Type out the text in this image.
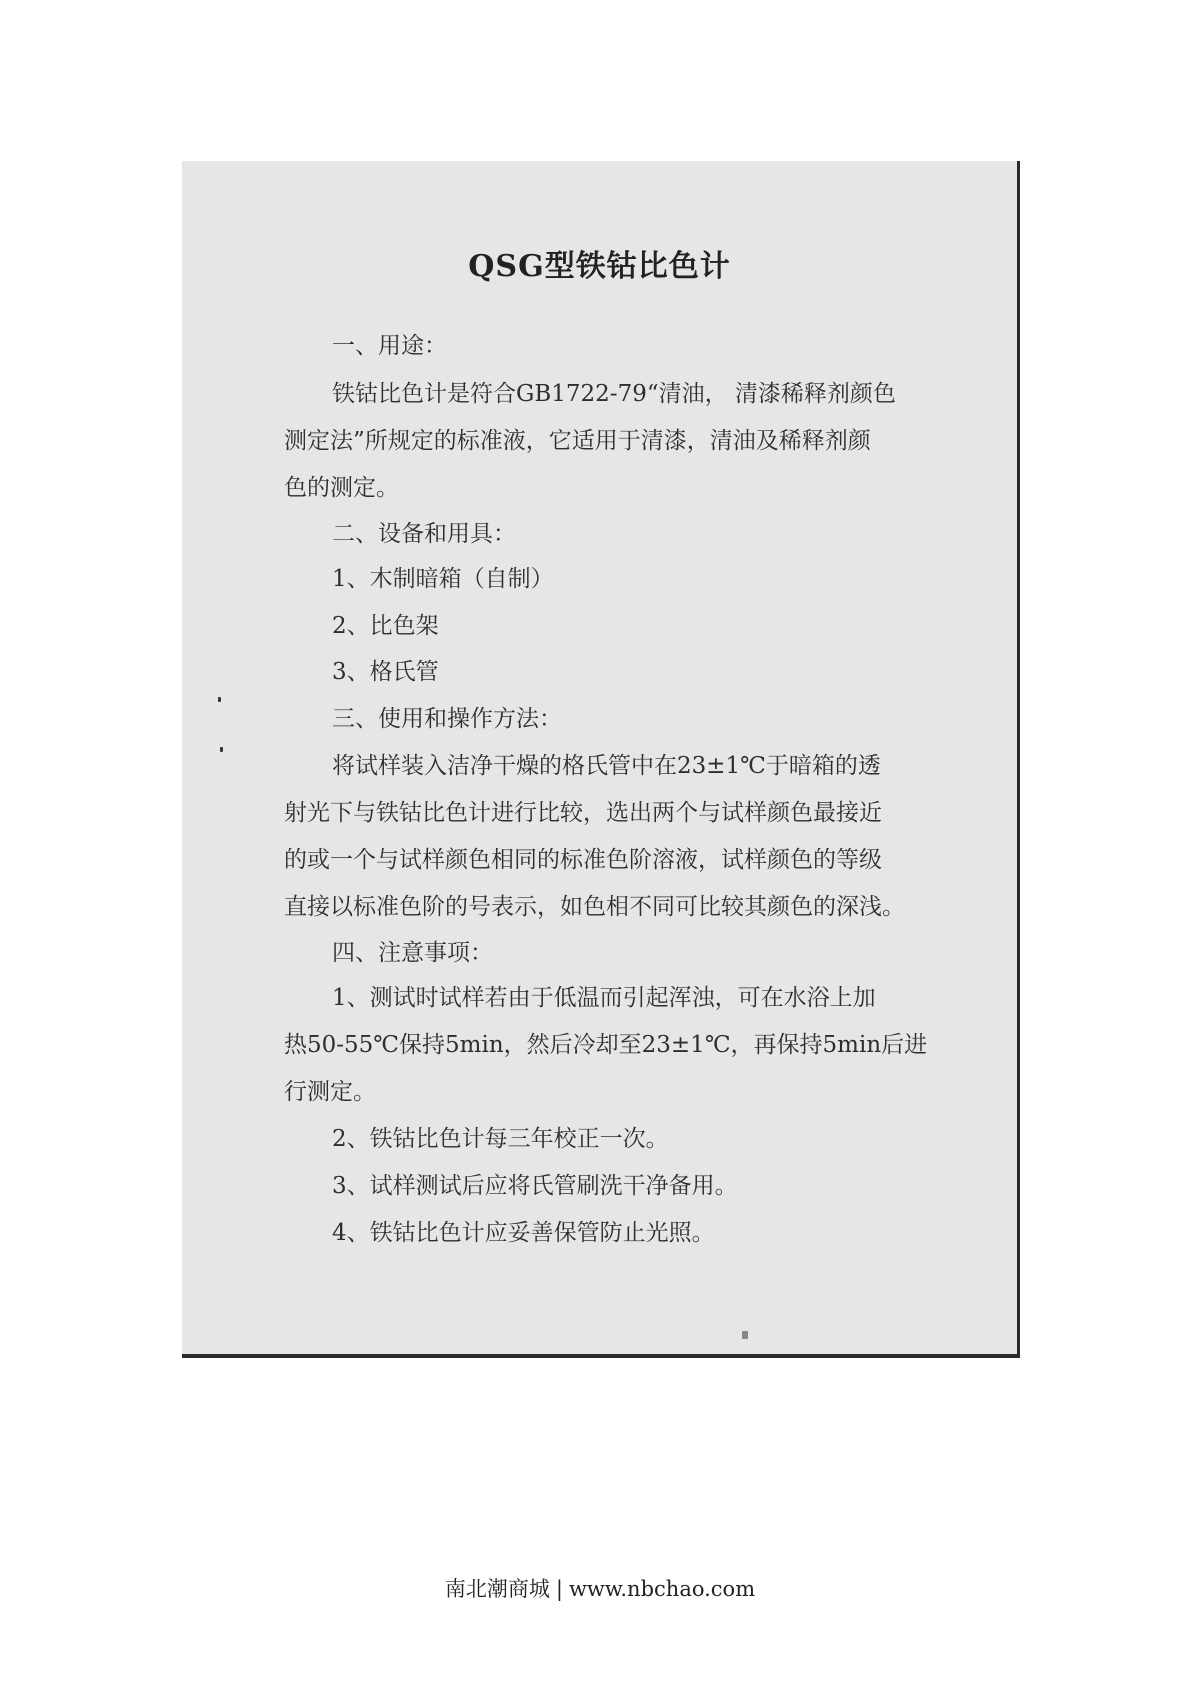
QSG型铁钴比色计
一、用途：
铁钴比色计是符合GB1722-79“清油， 清漆稀释剂颜色
测定法”所规定的标准液，它适用于清漆，清油及稀释剂颜
色的测定。
二、设备和用具：
1、木制暗箱（自制）
2、比色架
3、格氏管
三、使用和操作方法：
将试样装入洁净干燥的格氏管中在23±1℃于暗箱的透
射光下与铁钴比色计进行比较，选出两个与试样颜色最接近
的或一个与试样颜色相同的标准色阶溶液，试样颜色的等级
直接以标准色阶的号表示，如色相不同可比较其颜色的深浅。
四、注意事项：
1、测试时试样若由于低温而引起浑浊，可在水浴上加
热50-55℃保持5min，然后冷却至23±1℃，再保持5min后进
行测定。
2、铁钴比色计每三年校正一次。
3、试样测试后应将氏管刷洗干净备用。
4、铁钴比色计应妥善保管防止光照。
南北潮商城 | www.nbchao.com
